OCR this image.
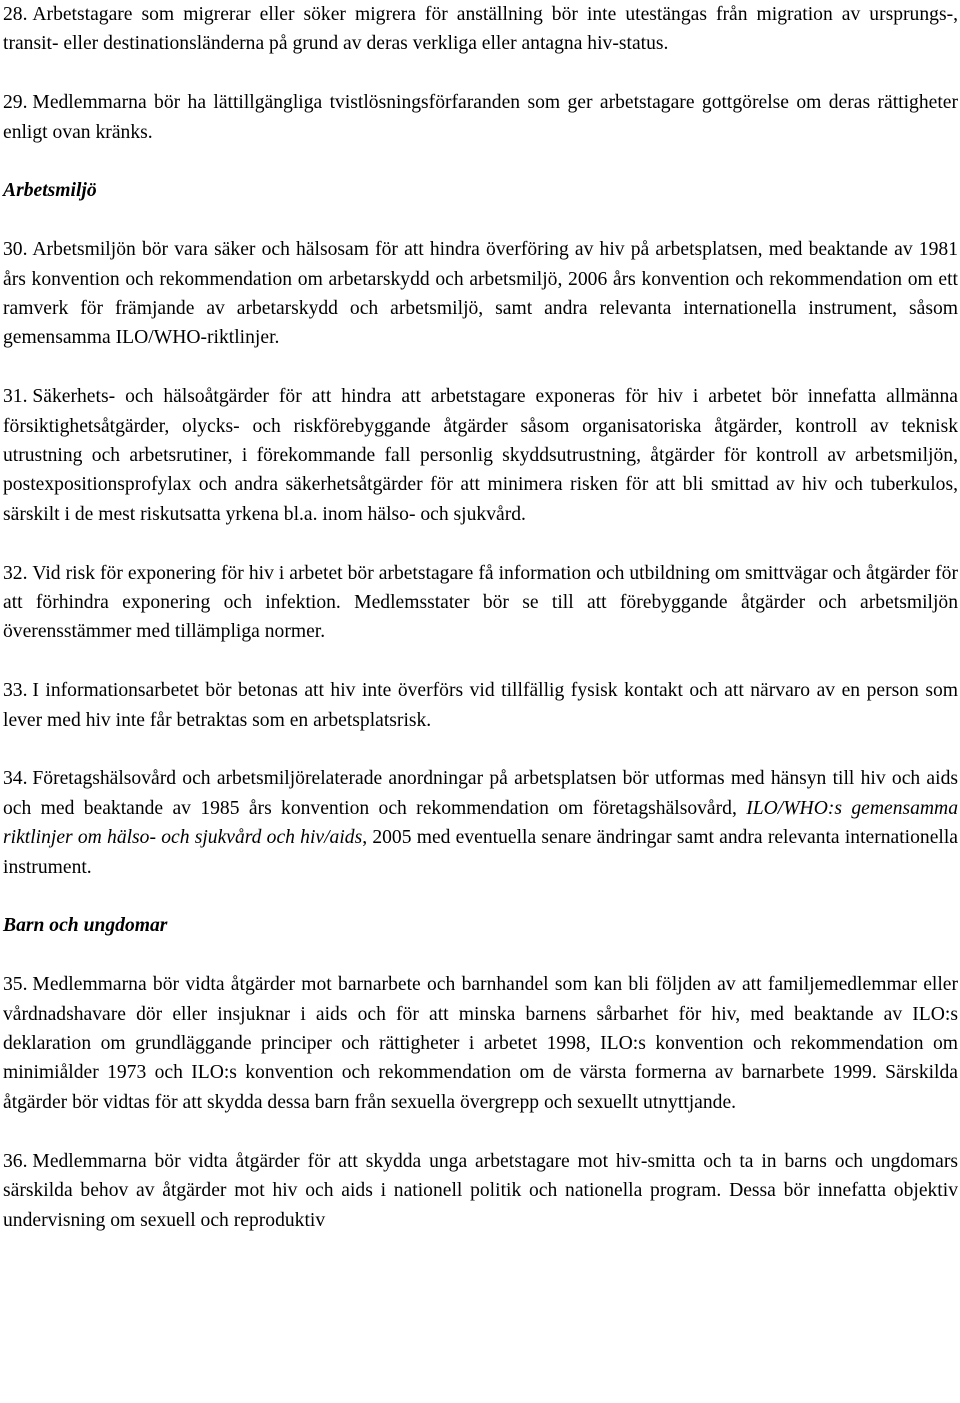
28. Arbetstagare som migrerar eller söker migrera för anställning bör inte utestängas från migration av ursprungs-, transit- eller destinationsländerna på grund av deras verkliga eller antagna hiv-status.

29. Medlemmarna bör ha lättillgängliga tvistlösningsförfaranden som ger arbetstagare gottgörelse om deras rättigheter enligt ovan kränks.

Arbetsmiljö

30. Arbetsmiljön bör vara säker och hälsosam för att hindra överföring av hiv på arbetsplatsen, med beaktande av 1981 års konvention och rekommendation om arbetarskydd och arbetsmiljö, 2006 års konvention och rekommendation om ett ramverk för främjande av arbetarskydd och arbetsmiljö, samt andra relevanta internationella instrument, såsom gemensamma ILO/WHO-riktlinjer.

31. Säkerhets- och hälsoåtgärder för att hindra att arbetstagare exponeras för hiv i arbetet bör innefatta allmänna försiktighetsåtgärder, olycks- och riskförebyggande åtgärder såsom organisatoriska åtgärder, kontroll av teknisk utrustning och arbetsrutiner, i förekommande fall personlig skyddsutrustning, åtgärder för kontroll av arbetsmiljön, postexpositionsprofylax och andra säkerhetsåtgärder för att minimera risken för att bli smittad av hiv och tuberkulos, särskilt i de mest riskutsatta yrkena bl.a. inom hälso- och sjukvård.

32. Vid risk för exponering för hiv i arbetet bör arbetstagare få information och utbildning om smittvägar och åtgärder för att förhindra exponering och infektion. Medlemsstater bör se till att förebyggande åtgärder och arbetsmiljön överensstämmer med tillämpliga normer.

33. I informationsarbetet bör betonas att hiv inte överförs vid tillfällig fysisk kontakt och att närvaro av en person som lever med hiv inte får betraktas som en arbetsplatsrisk.

34. Företagshälsovård och arbetsmiljörelaterade anordningar på arbetsplatsen bör utformas med hänsyn till hiv och aids och med beaktande av 1985 års konvention och rekommendation om företagshälsovård, ILO/WHO:s gemensamma riktlinjer om hälso- och sjukvård och hiv/aids, 2005 med eventuella senare ändringar samt andra relevanta internationella instrument.

Barn och ungdomar

35. Medlemmarna bör vidta åtgärder mot barnarbete och barnhandel som kan bli följden av att familjemedlemmar eller vårdnadshavare dör eller insjuknar i aids och för att minska barnens sårbarhet för hiv, med beaktande av ILO:s deklaration om grundläggande principer och rättigheter i arbetet 1998, ILO:s konvention och rekommendation om minimiålder 1973 och ILO:s konvention och rekommendation om de värsta formerna av barnarbete 1999. Särskilda åtgärder bör vidtas för att skydda dessa barn från sexuella övergrepp och sexuellt utnyttjande.

36. Medlemmarna bör vidta åtgärder för att skydda unga arbetstagare mot hiv-smitta och ta in barns och ungdomars särskilda behov av åtgärder mot hiv och aids i nationell politik och nationella program. Dessa bör innefatta objektiv undervisning om sexuell och reproduktiv
